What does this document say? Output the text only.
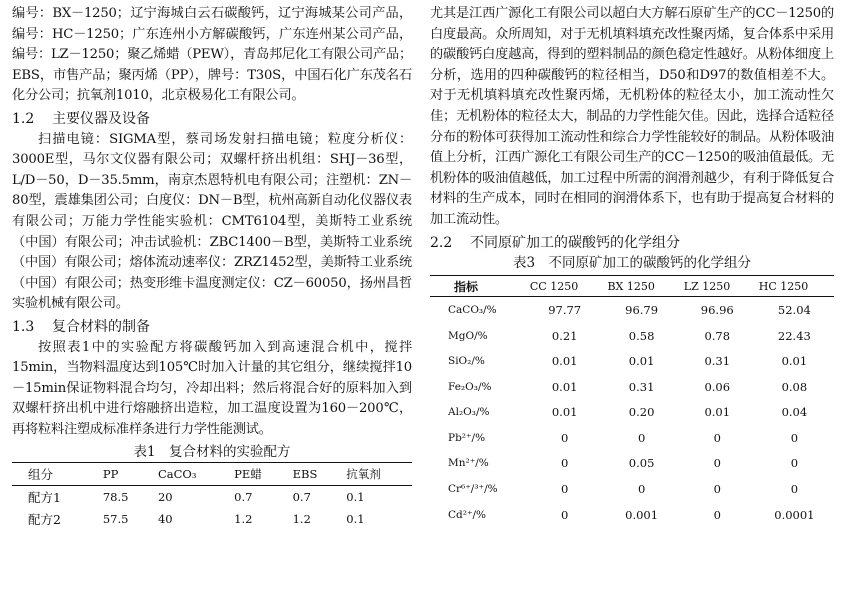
编号：BX－1250；辽宁海城白云石碳酸钙，辽宁海城某公司产品，编号：HC－1250；广东连州小方解碳酸钙，广东连州某公司产品，编号：LZ－1250；聚乙烯蜡（PEW），青岛邦尼化工有限公司产品；EBS，市售产品；聚丙烯（PP），牌号：T30S，中国石化广东茂名石化分公司；抗氧剂1010，北京极易化工有限公司。

1.2 主要仪器及设备

扫描电镜：SIGMA型，蔡司场发射扫描电镜；粒度分析仪：3000E型，马尔文仪器有限公司；双螺杆挤出机组：SHJ－36型，L/D－50，D－35.5mm，南京杰恩特机电有限公司；注塑机：ZN－80型，震雄集团公司；白度仪：DN－B型，杭州高新自动化仪器仪表有限公司；万能力学性能实验机：CMT6104型，美斯特工业系统（中国）有限公司；冲击试验机：ZBC1400－B型，美斯特工业系统（中国）有限公司；熔体流动速率仪：ZRZ1452型，美斯特工业系统（中国）有限公司；热变形维卡温度测定仪：CZ－60050，扬州昌哲实验机械有限公司。

1.3 复合材料的制备

按照表1中的实验配方将碳酸钙加入到高速混合机中，搅拌15min，当物料温度达到105℃时加入计量的其它组分，继续搅拌10－15min保证物料混合均匀，冷却出料；然后将混合好的原料加入到双螺杆挤出机中进行熔融挤出造粒，加工温度设置为160－200℃，再将粒料注塑成标准样条进行力学性能测试。

表1　复合材料的实验配方

组分	PP	CaCO₃	PE蜡	EBS	抗氧剂
配方1	78.5	20	0.7	0.7	0.1
配方2	57.5	40	1.2	1.2	0.1

尤其是江西广源化工有限公司以超白大方解石原矿生产的CC－1250的白度最高。众所周知，对于无机填料填充改性聚丙烯，复合体系中采用的碳酸钙白度越高，得到的塑料制品的颜色稳定性越好。从粉体细度上分析，选用的四种碳酸钙的粒径相当，D50和D97的数值相差不大。对于无机填料填充改性聚丙烯，无机粉体的粒径太小，加工流动性欠佳；无机粉体的粒径太大，制品的力学性能欠佳。因此，选择合适粒径分布的粉体可获得加工流动性和综合力学性能较好的制品。从粉体吸油值上分析，江西广源化工有限公司生产的CC－1250的吸油值最低。无机粉体的吸油值越低，加工过程中所需的润滑剂越少，有利于降低复合材料的生产成本，同时在相同的润滑体系下，也有助于提高复合材料的加工流动性。

2.2 不同原矿加工的碳酸钙的化学组分

表3　不同原矿加工的碳酸钙的化学组分

指标	CC 1250	BX 1250	LZ 1250	HC 1250
CaCO₃/%	97.77	96.79	96.96	52.04
MgO/%	0.21	0.58	0.78	22.43
SiO₂/%	0.01	0.01	0.31	0.01
Fe₂O₃/%	0.01	0.31	0.06	0.08
Al₂O₃/%	0.01	0.20	0.01	0.04
Pb²⁺/%	0	0	0	0
Mn²⁺/%	0	0.05	0	0
Cr⁶⁺/³⁺/%	0	0	0	0
Cd²⁺/%	0	0.001	0	0.0001
